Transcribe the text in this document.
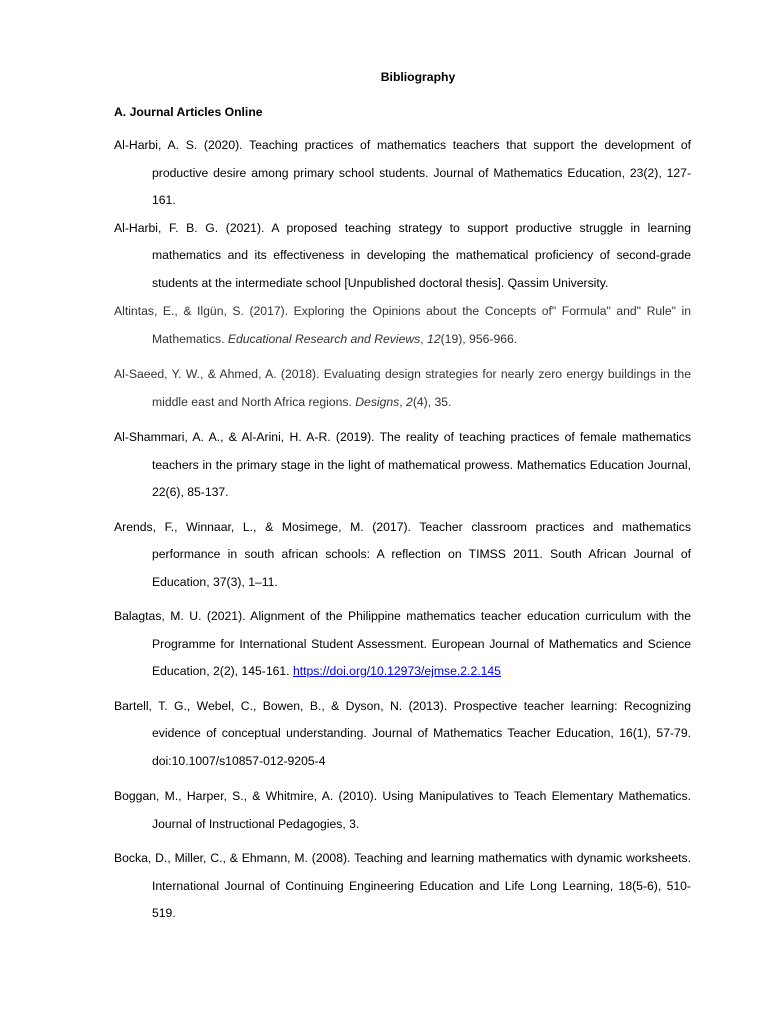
Bibliography
A. Journal Articles Online
Al-Harbi, A. S. (2020). Teaching practices of mathematics teachers that support the development of productive desire among primary school students. Journal of Mathematics Education, 23(2), 127-161.
Al-Harbi, F. B. G. (2021). A proposed teaching strategy to support productive struggle in learning mathematics and its effectiveness in developing the mathematical proficiency of second-grade students at the intermediate school [Unpublished doctoral thesis]. Qassim University.
Altintas, E., & Ilgün, S. (2017). Exploring the Opinions about the Concepts of" Formula" and" Rule" in Mathematics. Educational Research and Reviews, 12(19), 956-966.
Al-Saeed, Y. W., & Ahmed, A. (2018). Evaluating design strategies for nearly zero energy buildings in the middle east and North Africa regions. Designs, 2(4), 35.
Al-Shammari, A. A., & Al-Arini, H. A-R. (2019). The reality of teaching practices of female mathematics teachers in the primary stage in the light of mathematical prowess. Mathematics Education Journal, 22(6), 85-137.
Arends, F., Winnaar, L., & Mosimege, M. (2017). Teacher classroom practices and mathematics performance in south african schools: A reflection on TIMSS 2011. South African Journal of Education, 37(3), 1–11.
Balagtas, M. U. (2021). Alignment of the Philippine mathematics teacher education curriculum with the Programme for International Student Assessment. European Journal of Mathematics and Science Education, 2(2), 145-161. https://doi.org/10.12973/ejmse.2.2.145
Bartell, T. G., Webel, C., Bowen, B., & Dyson, N. (2013). Prospective teacher learning: Recognizing evidence of conceptual understanding. Journal of Mathematics Teacher Education, 16(1), 57-79. doi:10.1007/s10857-012-9205-4
Boggan, M., Harper, S., & Whitmire, A. (2010). Using Manipulatives to Teach Elementary Mathematics. Journal of Instructional Pedagogies, 3.
Bocka, D., Miller, C., & Ehmann, M. (2008). Teaching and learning mathematics with dynamic worksheets. International Journal of Continuing Engineering Education and Life Long Learning, 18(5-6), 510-519.
